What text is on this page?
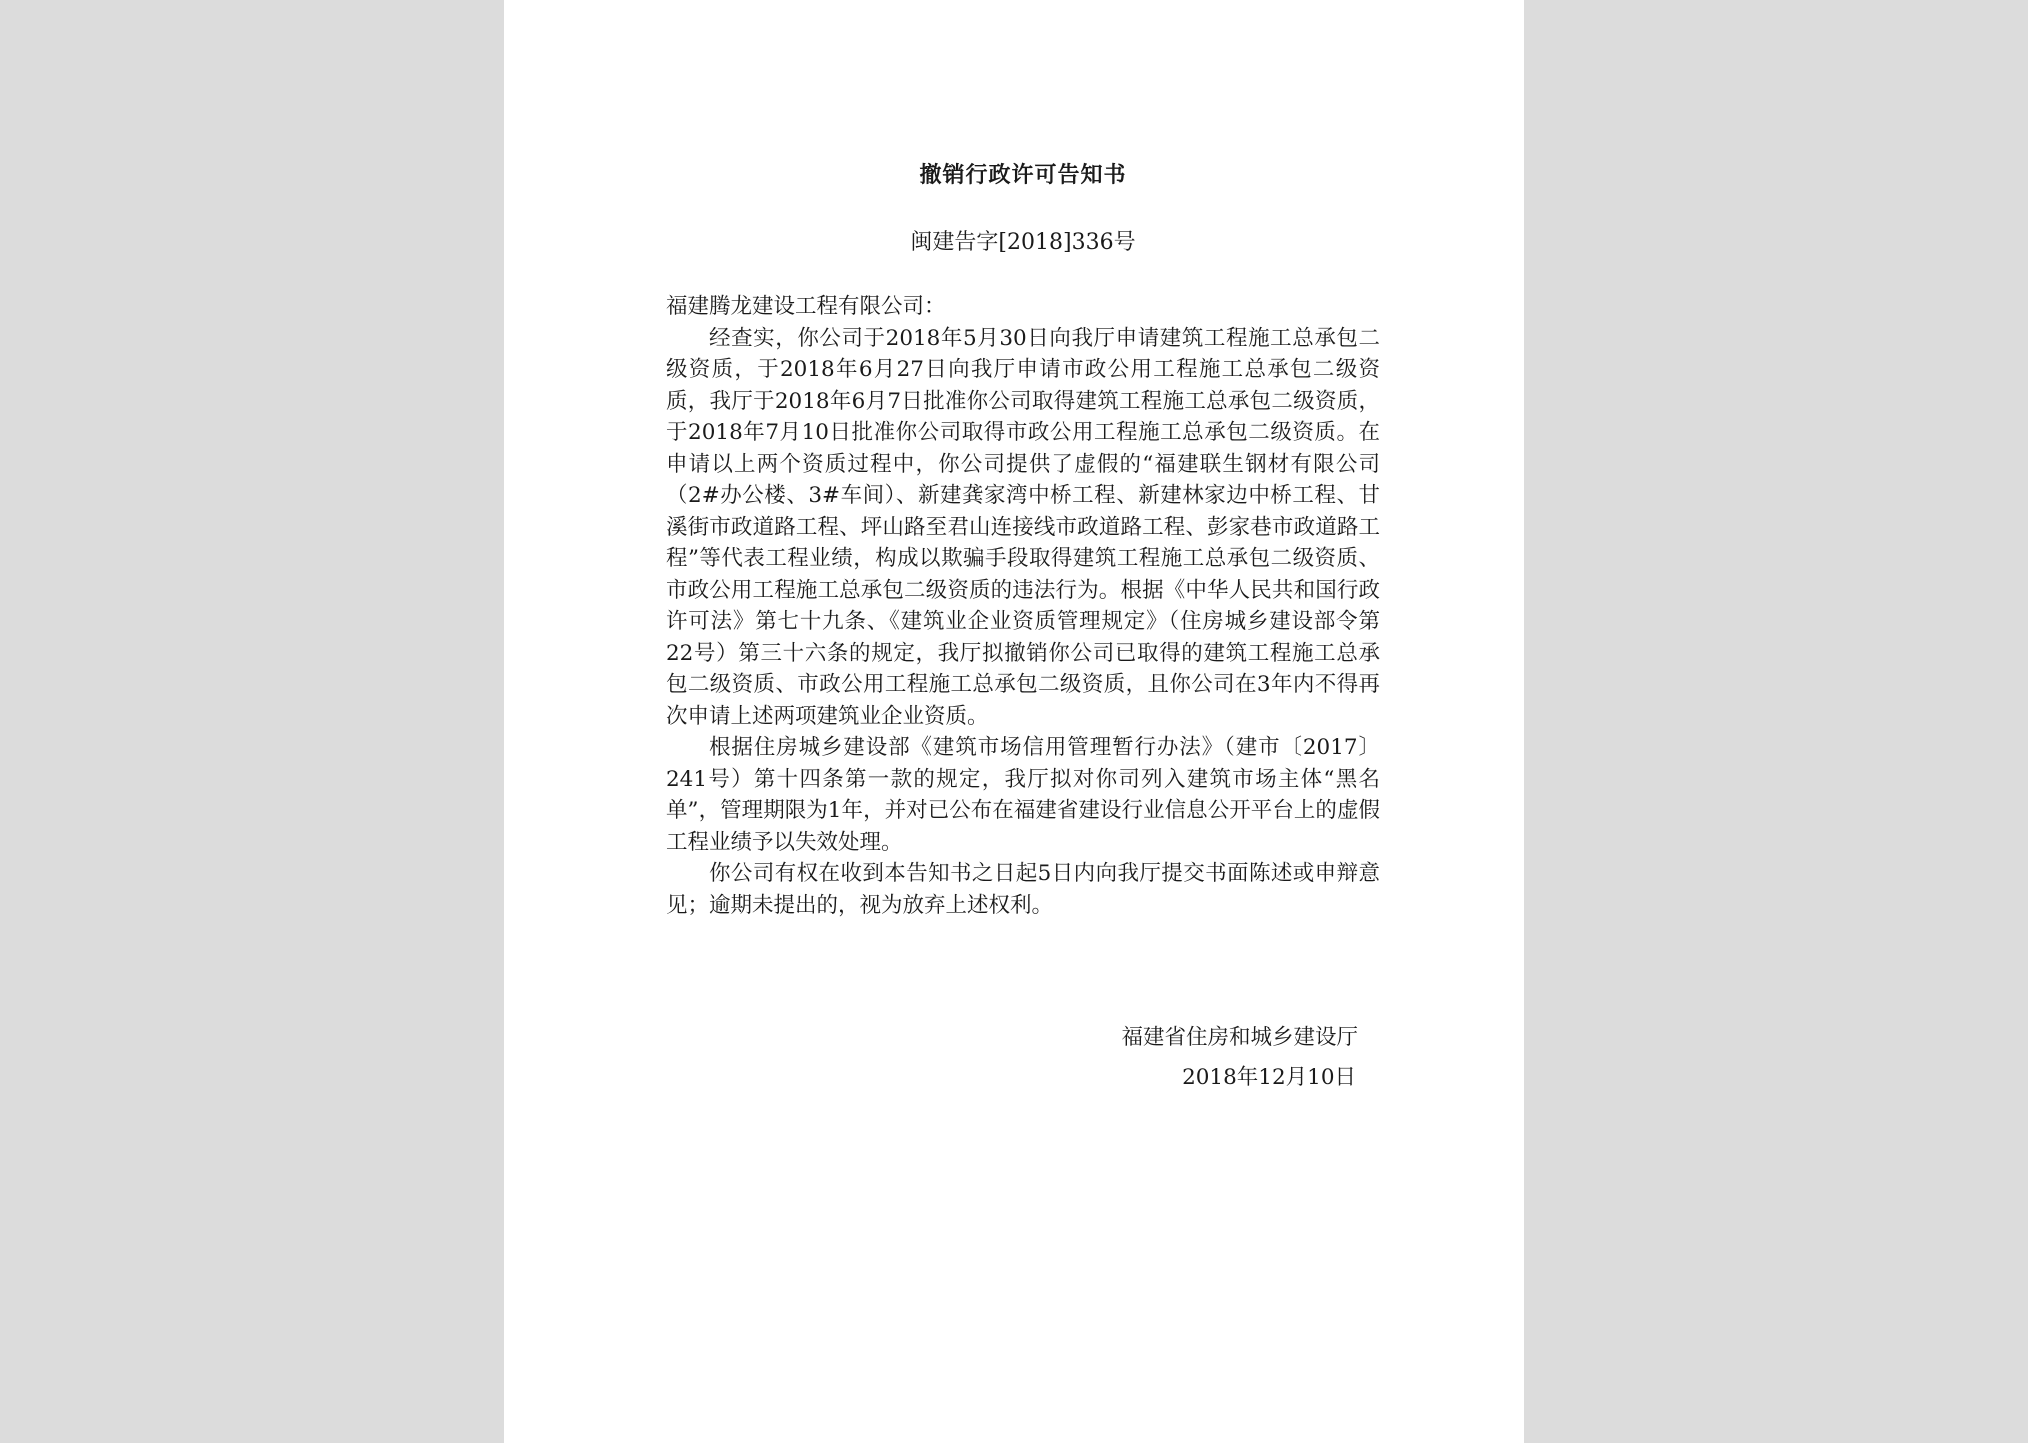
撤销行政许可告知书
闽建告字[2018]336号

福建腾龙建设工程有限公司：

经查实，你公司于2018年5月30日向我厅申请建筑工程施工总承包二级资质，于2018年6月27日向我厅申请市政公用工程施工总承包二级资质，我厅于2018年6月7日批准你公司取得建筑工程施工总承包二级资质，于2018年7月10日批准你公司取得市政公用工程施工总承包二级资质。在申请以上两个资质过程中，你公司提供了虚假的“福建联生钢材有限公司（2#办公楼、3#车间）、新建龚家湾中桥工程、新建林家边中桥工程、甘溪街市政道路工程、坪山路至君山连接线市政道路工程、彭家巷市政道路工程”等代表工程业绩，构成以欺骗手段取得建筑工程施工总承包二级资质、市政公用工程施工总承包二级资质的违法行为。根据《中华人民共和国行政许可法》第七十九条、《建筑业企业资质管理规定》（住房城乡建设部令第22号）第三十六条的规定，我厅拟撤销你公司已取得的建筑工程施工总承包二级资质、市政公用工程施工总承包二级资质，且你公司在3年内不得再次申请上述两项建筑业企业资质。

根据住房城乡建设部《建筑市场信用管理暂行办法》（建市〔2017〕241号）第十四条第一款的规定，我厅拟对你司列入建筑市场主体“黑名单”，管理期限为1年，并对已公布在福建省建设行业信息公开平台上的虚假工程业绩予以失效处理。

你公司有权在收到本告知书之日起5日内向我厅提交书面陈述或申辩意见；逾期未提出的，视为放弃上述权利。

福建省住房和城乡建设厅
2018年12月10日
